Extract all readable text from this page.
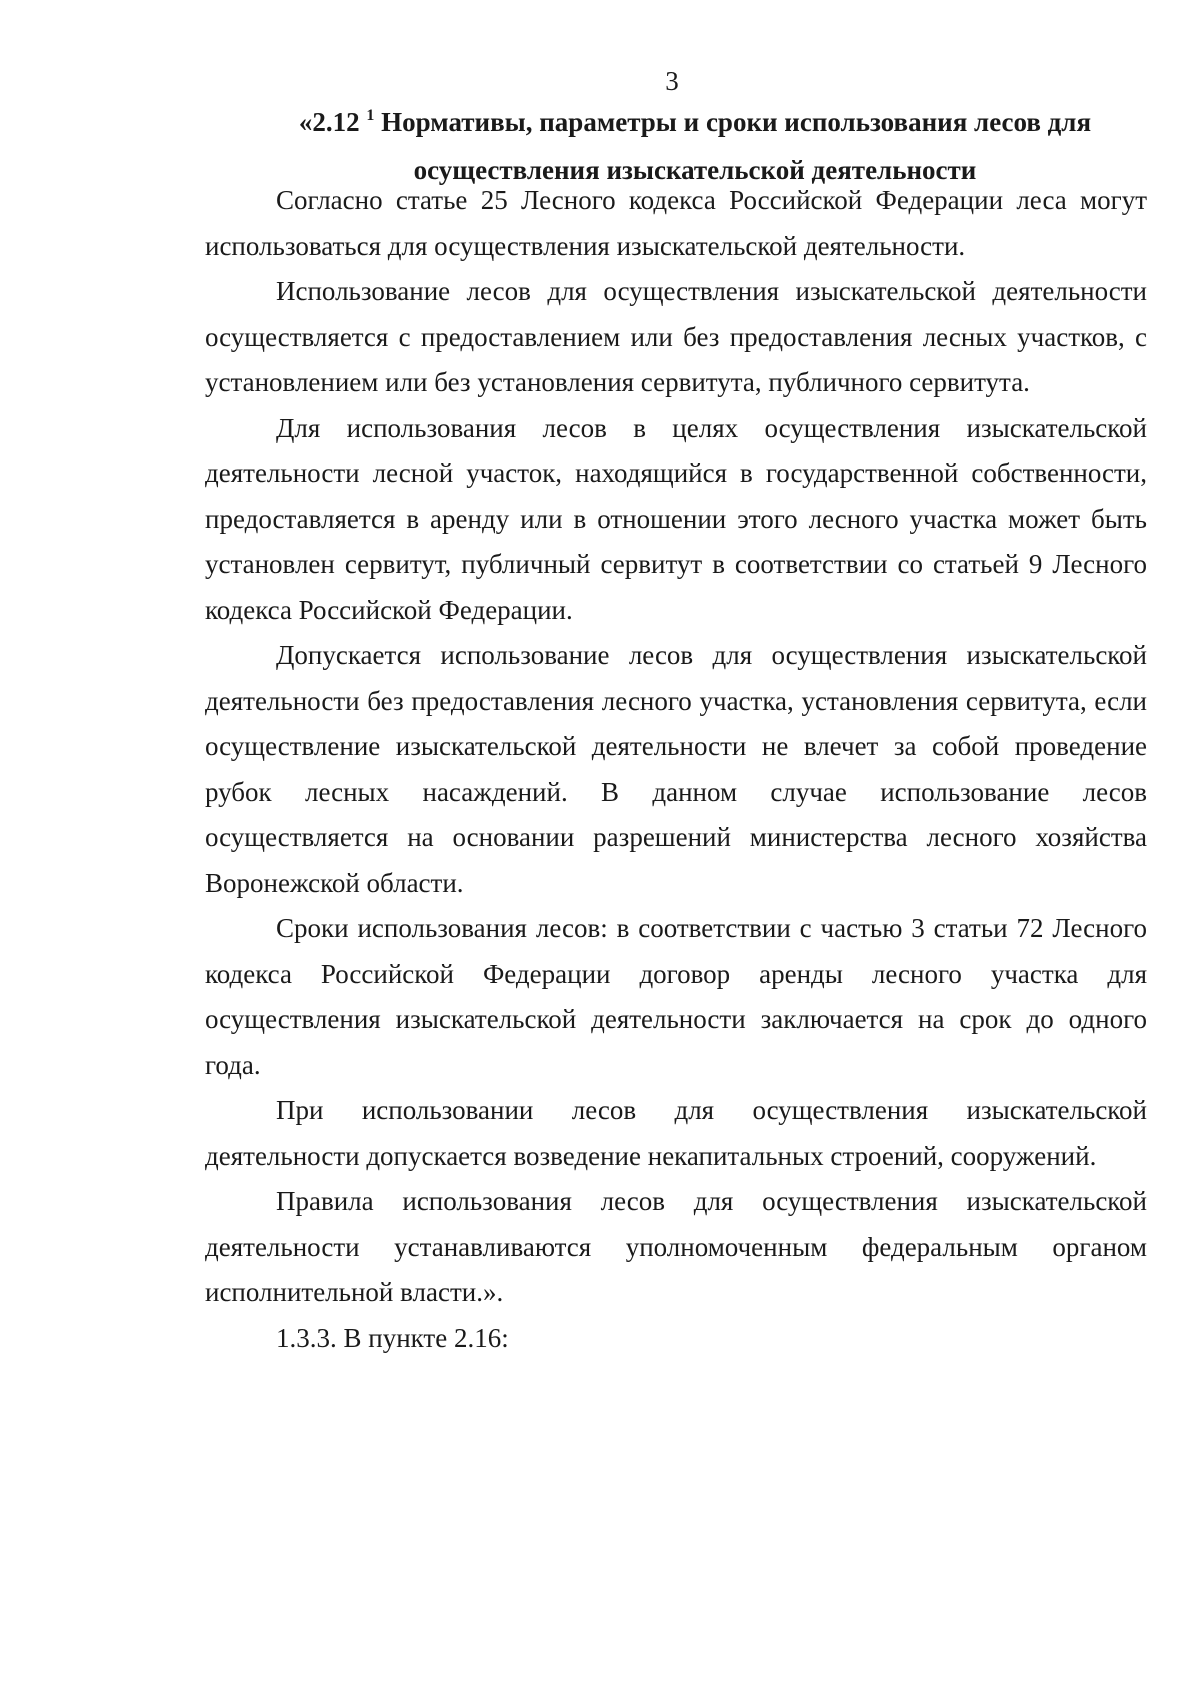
3
«2.12 $^1$ Нормативы, параметры и сроки использования лесов для осуществления изыскательской деятельности

Согласно статье 25 Лесного кодекса Российской Федерации леса могут использоваться для осуществления изыскательской деятельности.

Использование лесов для осуществления изыскательской деятельности осуществляется с предоставлением или без предоставления лесных участков, с установлением или без установления сервитута, публичного сервитута.

Для использования лесов в целях осуществления изыскательской деятельности лесной участок, находящийся в государственной собственности, предоставляется в аренду или в отношении этого лесного участка может быть установлен сервитут, публичный сервитут в соответствии со статьей 9 Лесного кодекса Российской Федерации.

Допускается использование лесов для осуществления изыскательской деятельности без предоставления лесного участка, установления сервитута, если осуществление изыскательской деятельности не влечет за собой проведение рубок лесных насаждений. В данном случае использование лесов осуществляется на основании разрешений министерства лесного хозяйства Воронежской области.

Сроки использования лесов: в соответствии с частью 3 статьи 72 Лесного кодекса Российской Федерации договор аренды лесного участка для осуществления изыскательской деятельности заключается на срок до одного года.

При использовании лесов для осуществления изыскательской деятельности допускается возведение некапитальных строений, сооружений.

Правила использования лесов для осуществления изыскательской деятельности устанавливаются уполномоченным федеральным органом исполнительной власти.».

1.3.3. В пункте 2.16:
